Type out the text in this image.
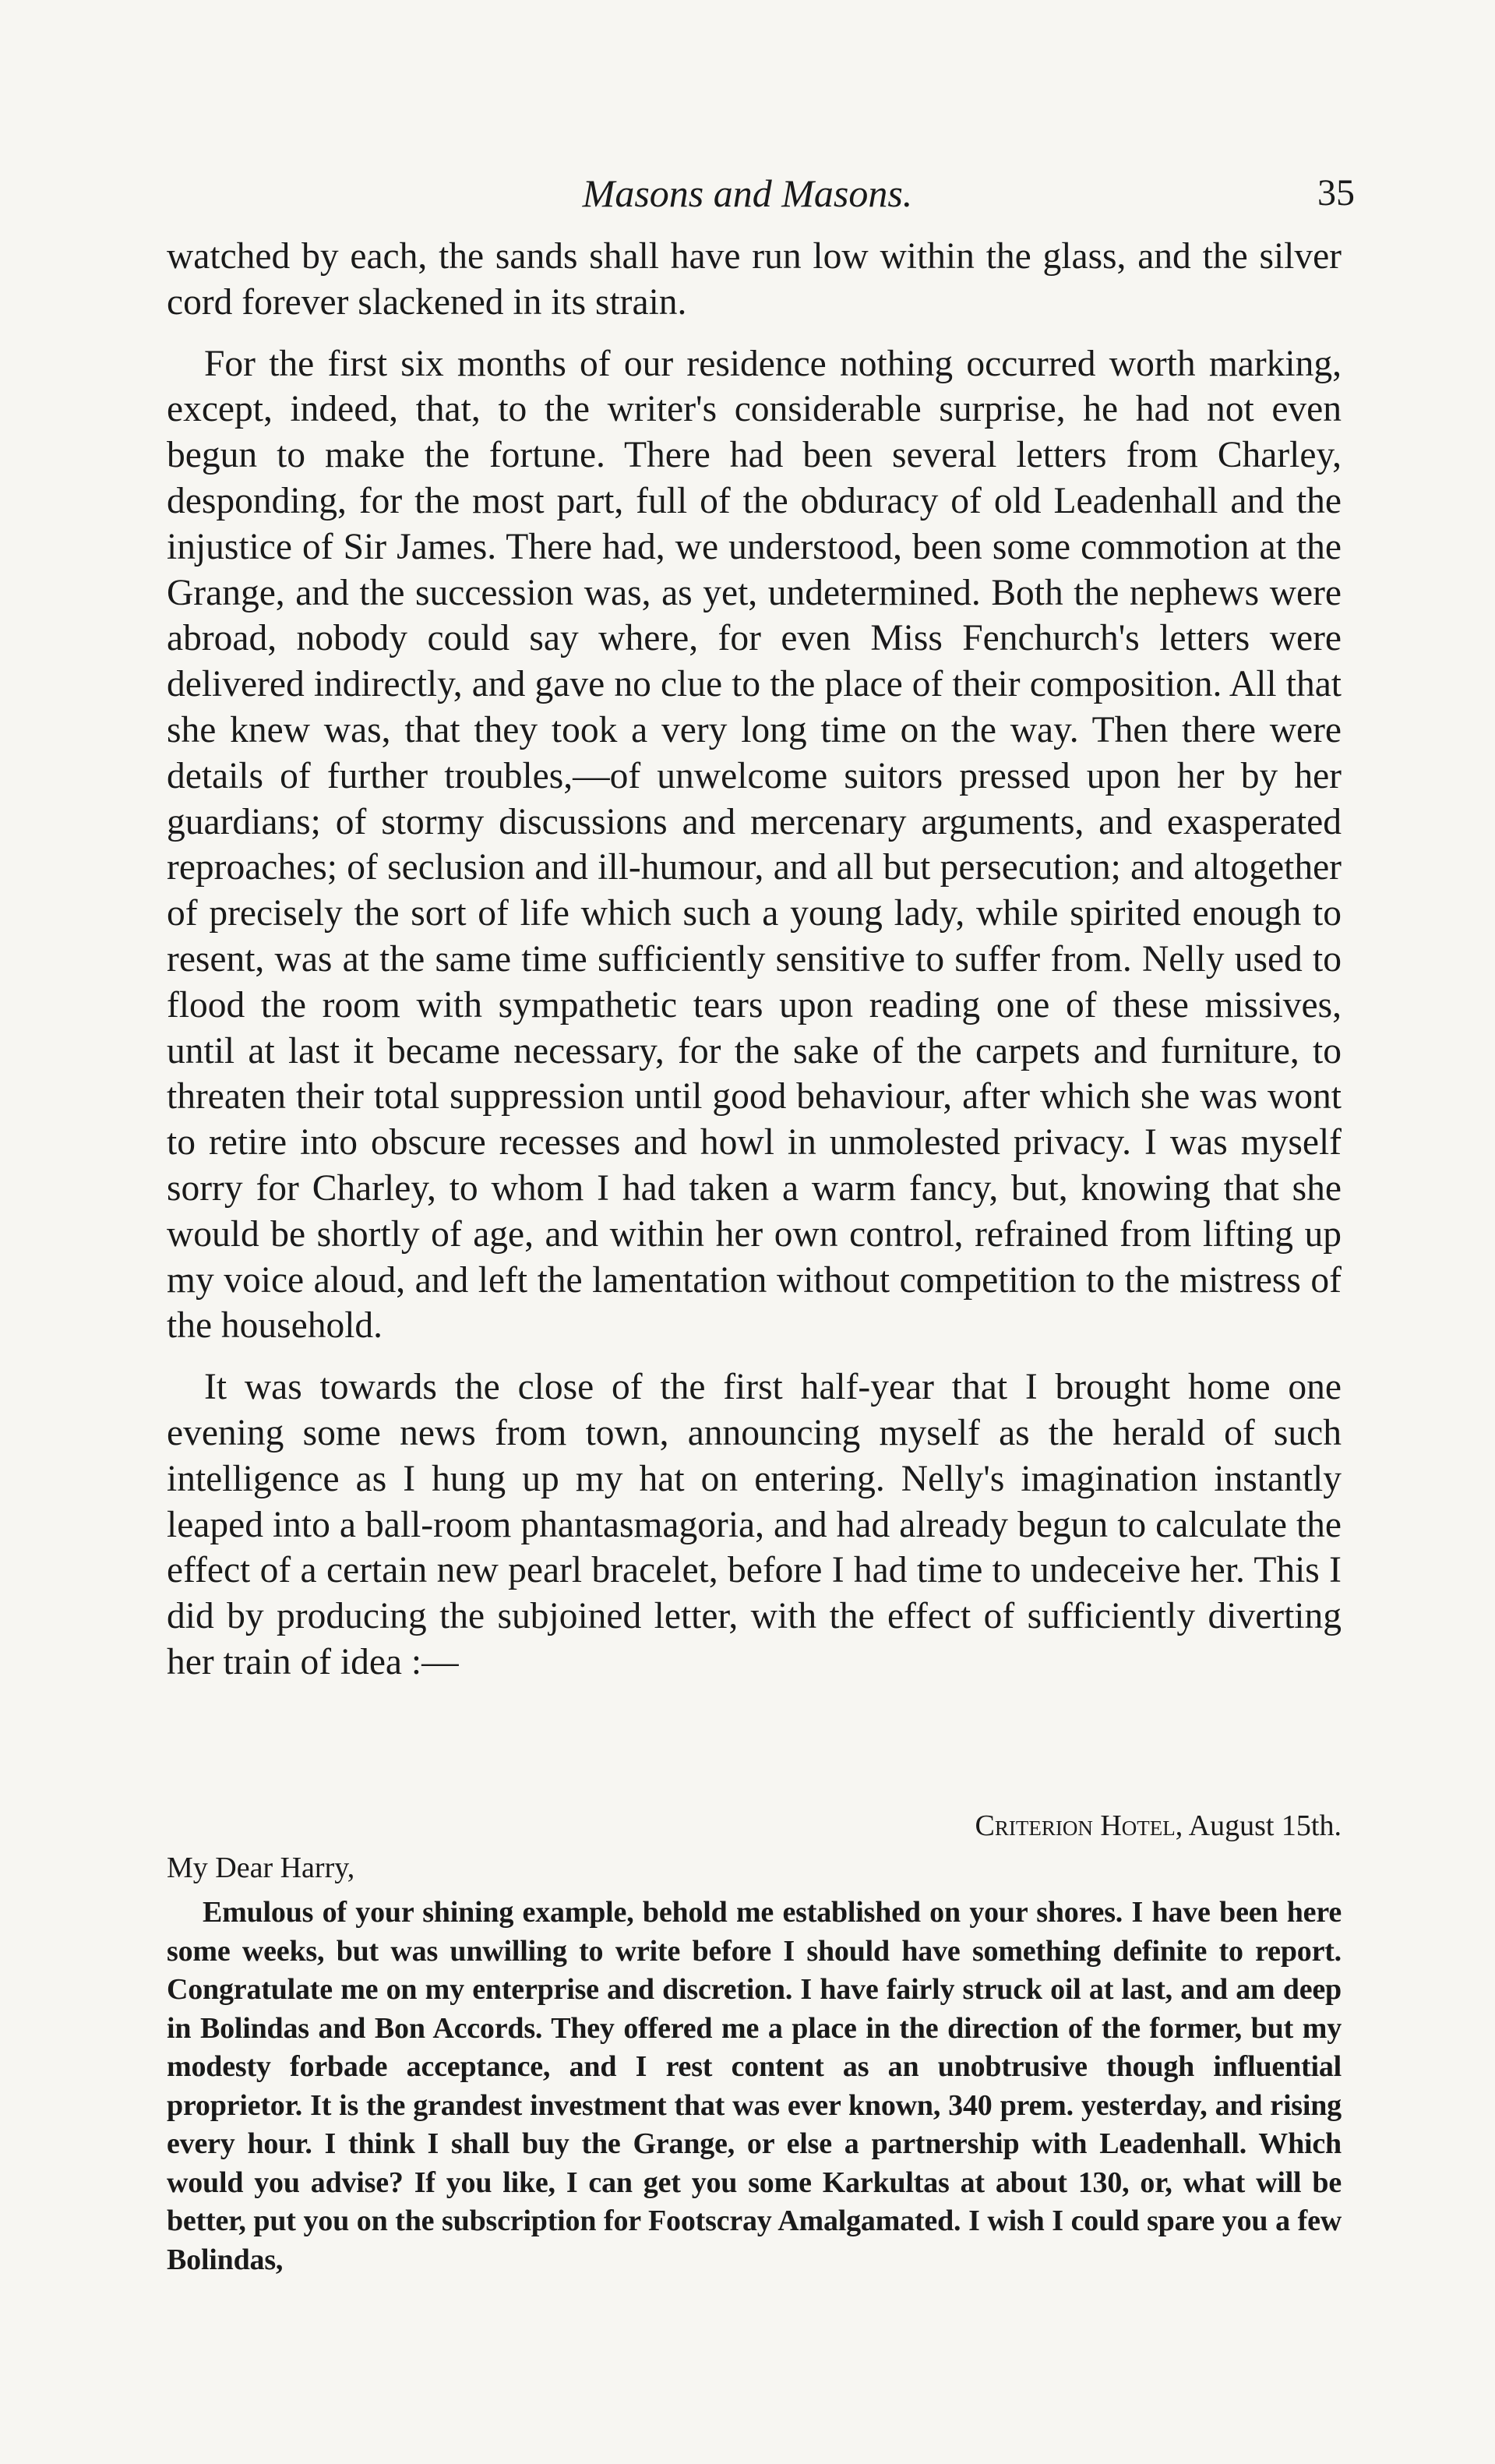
Masons and Masons.	35

watched by each, the sands shall have run low within the glass, and the silver cord forever slackened in its strain.

For the first six months of our residence nothing occurred worth marking, except, indeed, that, to the writer's considerable surprise, he had not even begun to make the fortune. There had been several letters from Charley, desponding, for the most part, full of the obduracy of old Leadenhall and the injustice of Sir James. There had, we understood, been some commotion at the Grange, and the succession was, as yet, undetermined. Both the nephews were abroad, nobody could say where, for even Miss Fenchurch's letters were delivered indirectly, and gave no clue to the place of their composition. All that she knew was, that they took a very long time on the way. Then there were details of further troubles,—of unwelcome suitors pressed upon her by her guardians; of stormy discussions and mercenary arguments, and exasperated reproaches; of seclusion and ill-humour, and all but persecution; and altogether of precisely the sort of life which such a young lady, while spirited enough to resent, was at the same time sufficiently sensitive to suffer from. Nelly used to flood the room with sympathetic tears upon reading one of these missives, until at last it became necessary, for the sake of the carpets and furniture, to threaten their total suppression until good behaviour, after which she was wont to retire into obscure recesses and howl in unmolested privacy. I was myself sorry for Charley, to whom I had taken a warm fancy, but, knowing that she would be shortly of age, and within her own control, refrained from lifting up my voice aloud, and left the lamentation without competition to the mistress of the household.

It was towards the close of the first half-year that I brought home one evening some news from town, announcing myself as the herald of such intelligence as I hung up my hat on entering. Nelly's imagination instantly leaped into a ball-room phantasmagoria, and had already begun to calculate the effect of a certain new pearl bracelet, before I had time to undeceive her. This I did by producing the subjoined letter, with the effect of sufficiently diverting her train of idea :—

Criterion Hotel, August 15th.

My Dear Harry,

Emulous of your shining example, behold me established on your shores. I have been here some weeks, but was unwilling to write before I should have something definite to report. Congratulate me on my enterprise and discretion. I have fairly struck oil at last, and am deep in Bolindas and Bon Accords. They offered me a place in the direction of the former, but my modesty forbade acceptance, and I rest content as an unobtrusive though influential proprietor. It is the grandest investment that was ever known, 340 prem. yesterday, and rising every hour. I think I shall buy the Grange, or else a partnership with Leadenhall. Which would you advise? If you like, I can get you some Karkultas at about 130, or, what will be better, put you on the subscription for Footscray Amalgamated. I wish I could spare you a few Bolindas,
